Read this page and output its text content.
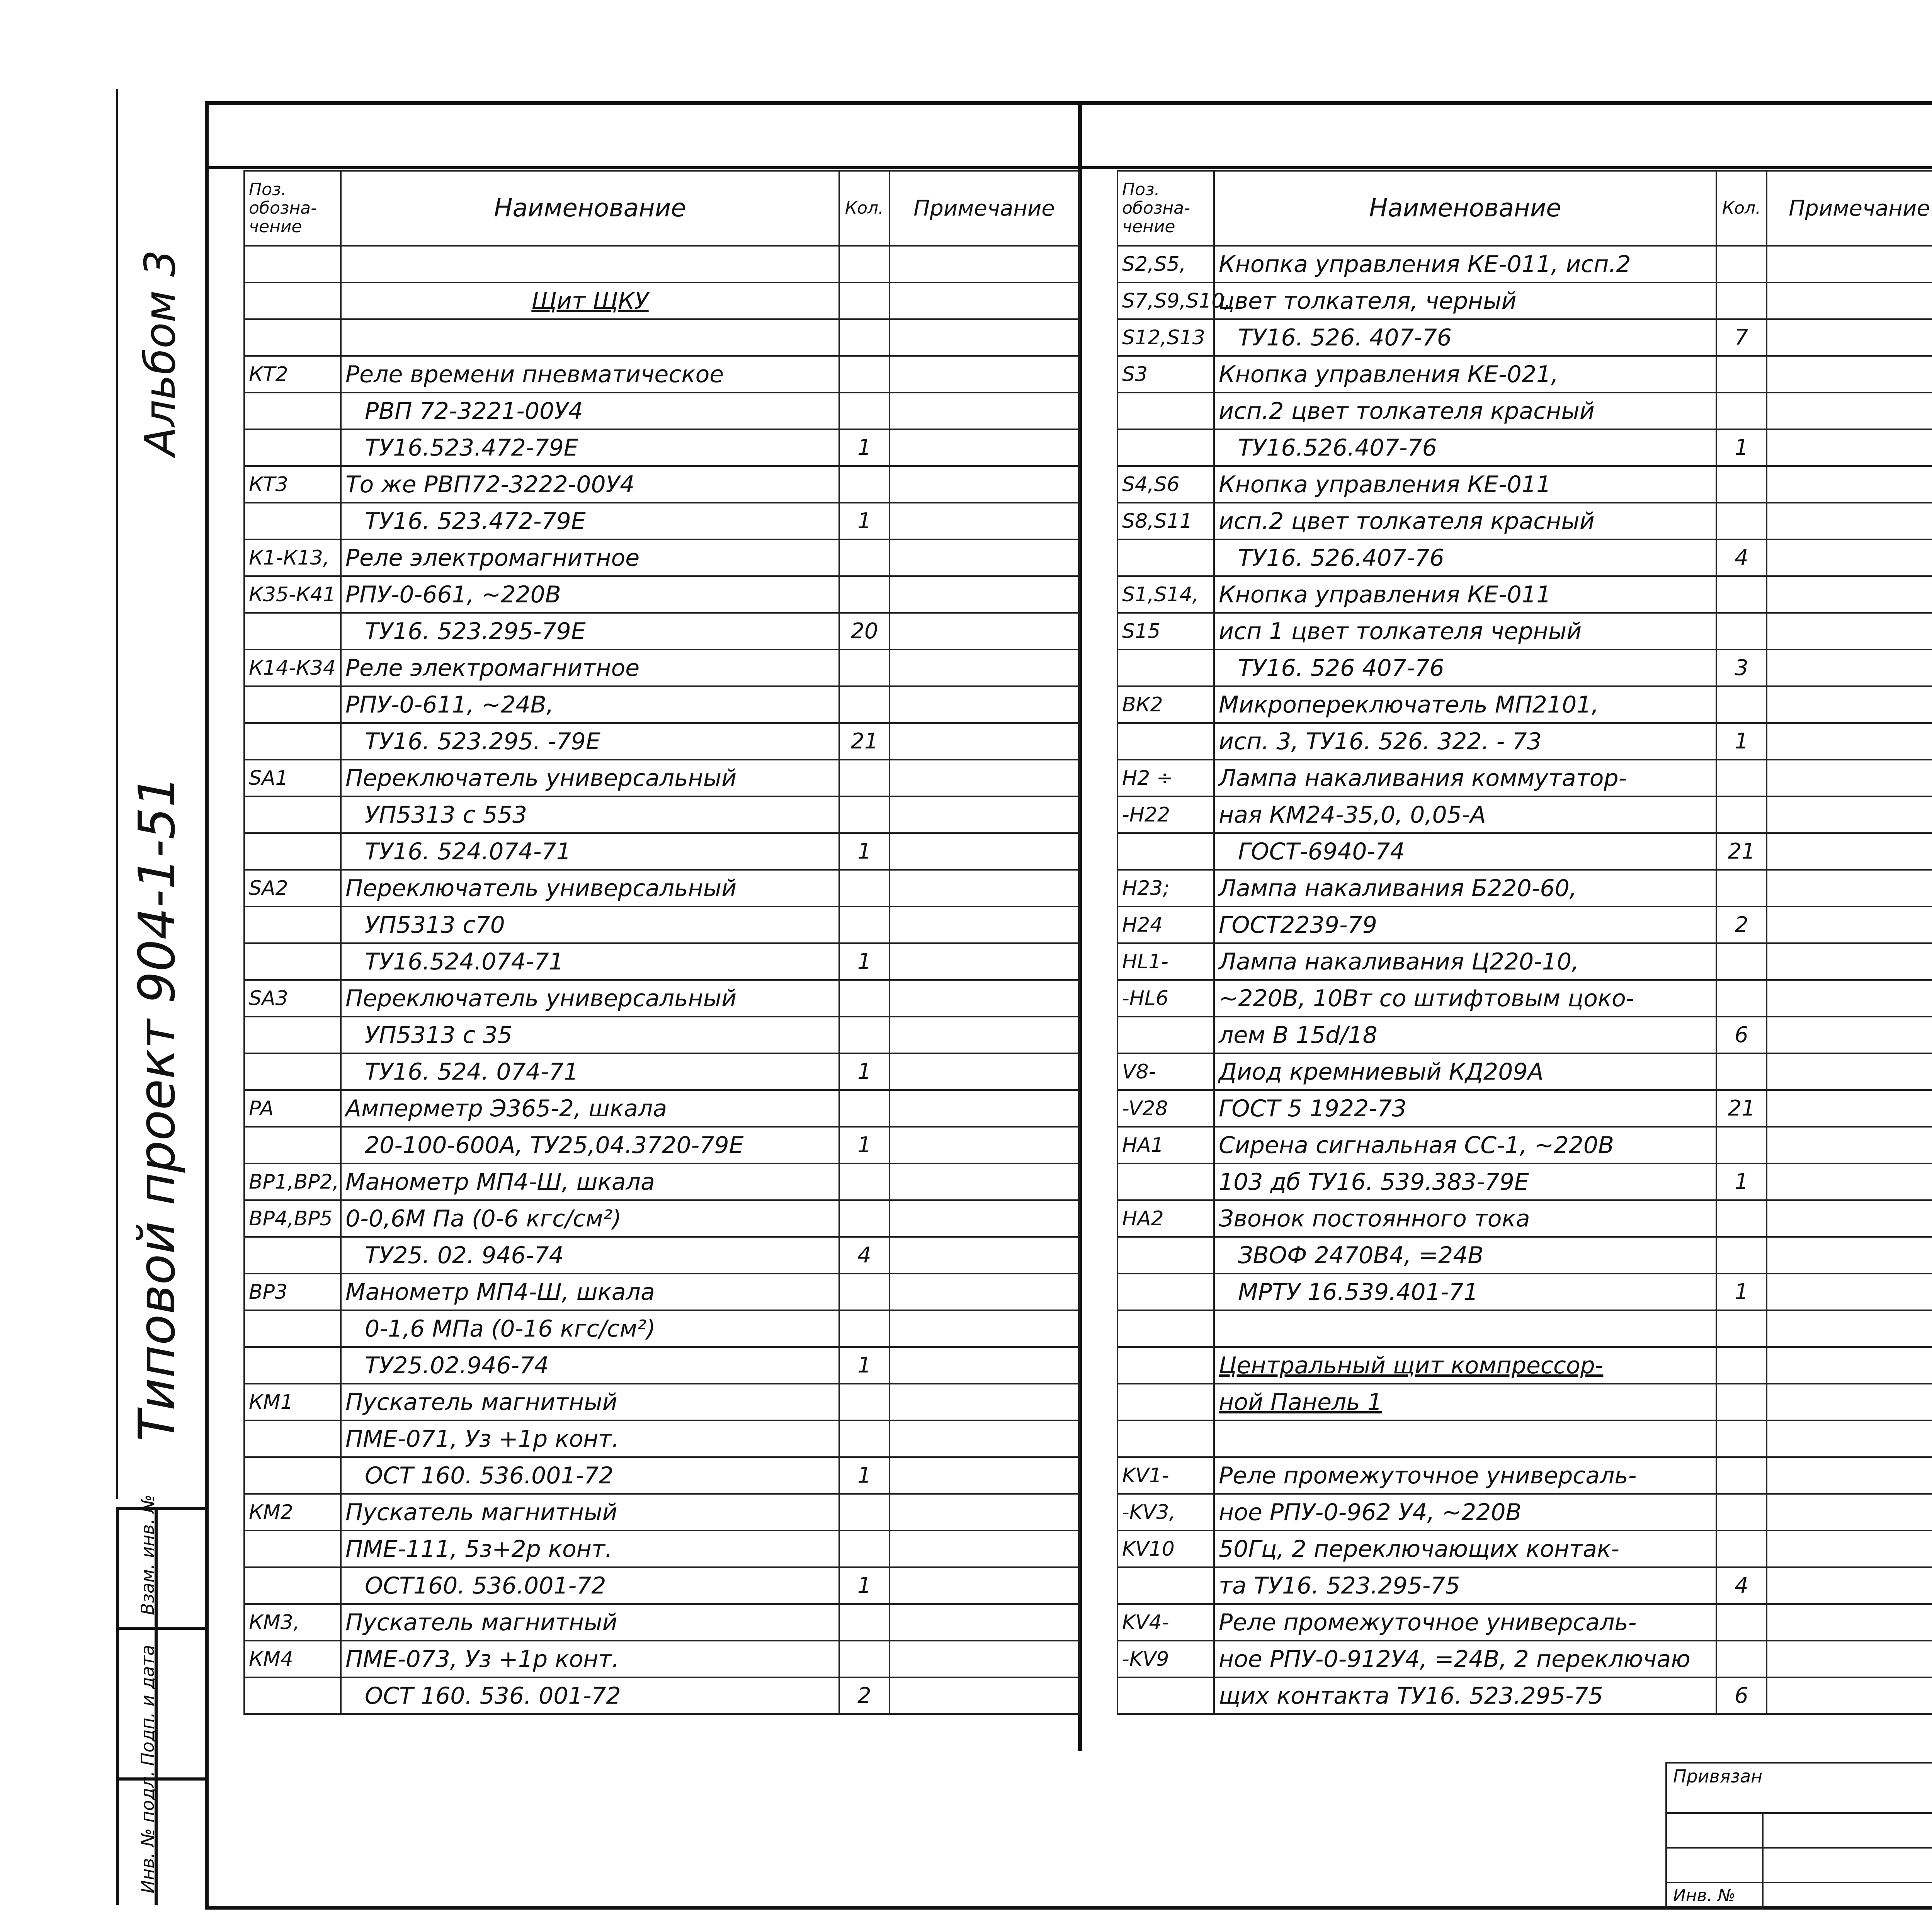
Альбом 3
Типовой проект 904-1-51
Взам. инв. №
Подп. и дата
Инв. № подл.
Поз. обозна- чение	Наименование	Кол.	Примечание

	Щит ЩКУ		

КТ2	Реле времени пневматическое		
	РВП 72-3221-00У4		
	ТУ16.523.472-79Е	1	
КТ3	То же РВП72-3222-00У4		
	ТУ16. 523.472-79Е	1	
К1-К13,	Реле электромагнитное		
К35-К41	РПУ-0-661, ~220В		
	ТУ16. 523.295-79Е	20	
К14-К34	Реле электромагнитное		
	РПУ-0-611, ~24В,		
	ТУ16. 523.295. -79Е	21	
SA1	Переключатель универсальный		
	УП5313 с 553		
	ТУ16. 524.074-71	1	
SA2	Переключатель универсальный		
	УП5313 с70		
	ТУ16.524.074-71	1	
SA3	Переключатель универсальный		
	УП5313 с 35		
	ТУ16. 524. 074-71	1	
PA	Амперметр Э365-2, шкала		
	20-100-600А, ТУ25,04.3720-79Е	1	
BP1,BP2,	Манометр МП4-Ш, шкала		
BP4,BP5	0-0,6М Па (0-6 кгс/см²)		
	ТУ25. 02. 946-74	4	
BP3	Манометр МП4-Ш, шкала		
	0-1,6 МПа (0-16 кгс/см²)		
	ТУ25.02.946-74	1	
КМ1	Пускатель магнитный		
	ПМЕ-071, Уз +1р конт.		
	ОСТ 160. 536.001-72	1	
КМ2	Пускатель магнитный		
	ПМЕ-111, 5з+2р конт.		
	ОСТ160. 536.001-72	1	
КМ3,	Пускатель магнитный		
КМ4	ПМЕ-073, Уз +1р конт.		
	ОСТ 160. 536. 001-72	2	
Поз. обозна- чение	Наименование	Кол.	Примечание
S2,S5,	Кнопка управления КЕ-011, исп.2		
S7,S9,S10,	цвет толкателя, черный		
S12,S13	ТУ16. 526. 407-76	7	
S3	Кнопка управления КЕ-021,		
	исп.2 цвет толкателя красный		
	ТУ16.526.407-76	1	
S4,S6	Кнопка управления КЕ-011		
S8,S11	исп.2 цвет толкателя красный		
	ТУ16. 526.407-76	4	
S1,S14,	Кнопка управления КЕ-011		
S15	исп 1 цвет толкателя черный		
	ТУ16. 526 407-76	3	
ВК2	Микропереключатель МП2101,		
	исп. 3, ТУ16. 526. 322. - 73	1	
Н2 ÷	Лампа накаливания коммутатор-		
-Н22	ная КМ24-35,0, 0,05-А		
	ГОСТ-6940-74	21	
Н23;	Лампа накаливания Б220-60,		
Н24	ГОСТ2239-79	2	
HL1-	Лампа накаливания Ц220-10,		
-HL6	~220В, 10Вт со штифтовым цоко-		
	лем В 15d/18	6	
V8-	Диод кремниевый КД209А		
-V28	ГОСТ 5 1922-73	21	
НА1	Сирена сигнальная СС-1, ~220В		
	103 дб ТУ16. 539.383-79Е	1	
НА2	Звонок постоянного тока		
	ЗВОФ 2470В4, =24В		
	МРТУ 16.539.401-71	1	

	Центральный щит компрессор-		
	ной Панель 1		

KV1-	Реле промежуточное универсаль-		
-KV3,	ное РПУ-0-962 У4, ~220В		
KV10	50Гц, 2 переключающих контак-		
	та ТУ16. 523.295-75	4	
KV4-	Реле промежуточное универсаль-		
-KV9	ное РПУ-0-912У4, =24В, 2 переключаю		
	щих контакта ТУ16. 523.295-75	6	

Привязан
Инв. №
